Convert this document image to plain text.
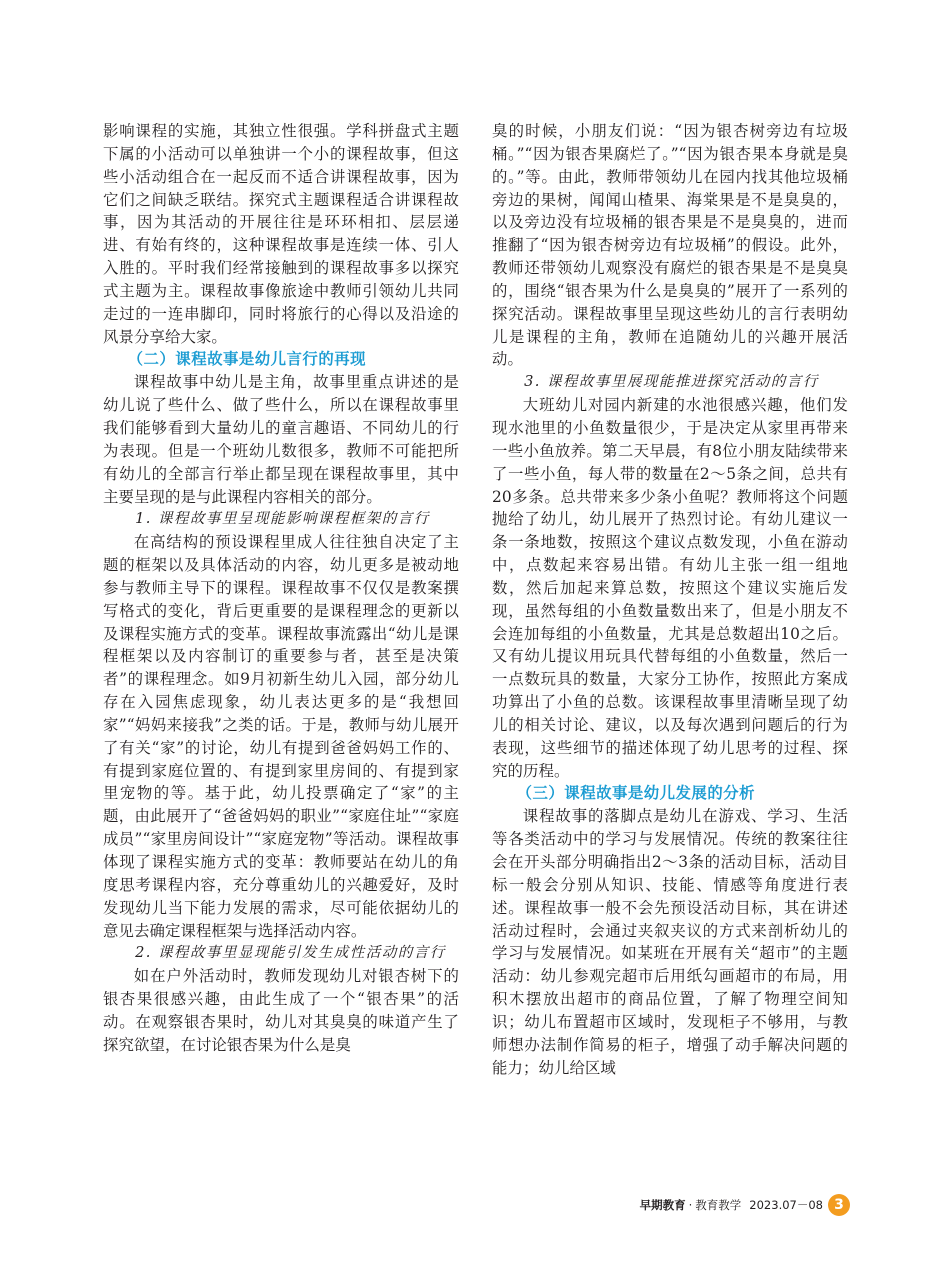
影响课程的实施，其独立性很强。学科拼盘式主题下属的小活动可以单独讲一个小的课程故事，但这些小活动组合在一起反而不适合讲课程故事，因为它们之间缺乏联结。探究式主题课程适合讲课程故事，因为其活动的开展往往是环环相扣、层层递进、有始有终的，这种课程故事是连续一体、引人入胜的。平时我们经常接触到的课程故事多以探究式主题为主。课程故事像旅途中教师引领幼儿共同走过的一连串脚印，同时将旅行的心得以及沿途的风景分享给大家。

（二）课程故事是幼儿言行的再现

课程故事中幼儿是主角，故事里重点讲述的是幼儿说了些什么、做了些什么，所以在课程故事里我们能够看到大量幼儿的童言趣语、不同幼儿的行为表现。但是一个班幼儿数很多，教师不可能把所有幼儿的全部言行举止都呈现在课程故事里，其中主要呈现的是与此课程内容相关的部分。

1. 课程故事里呈现能影响课程框架的言行

在高结构的预设课程里成人往往独自决定了主题的框架以及具体活动的内容，幼儿更多是被动地参与教师主导下的课程。课程故事不仅仅是教案撰写格式的变化，背后更重要的是课程理念的更新以及课程实施方式的变革。课程故事流露出“幼儿是课程框架以及内容制订的重要参与者，甚至是决策者”的课程理念。如9月初新生幼儿入园，部分幼儿存在入园焦虑现象，幼儿表达更多的是“我想回家”“妈妈来接我”之类的话。于是，教师与幼儿展开了有关“家”的讨论，幼儿有提到爸爸妈妈工作的、有提到家庭位置的、有提到家里房间的、有提到家里宠物的等。基于此，幼儿投票确定了“家”的主题，由此展开了“爸爸妈妈的职业”“家庭住址”“家庭成员”“家里房间设计”“家庭宠物”等活动。课程故事体现了课程实施方式的变革：教师要站在幼儿的角度思考课程内容，充分尊重幼儿的兴趣爱好，及时发现幼儿当下能力发展的需求，尽可能依据幼儿的意见去确定课程框架与选择活动内容。

2. 课程故事里显现能引发生成性活动的言行

如在户外活动时，教师发现幼儿对银杏树下的银杏果很感兴趣，由此生成了一个“银杏果”的活动。在观察银杏果时，幼儿对其臭臭的味道产生了探究欲望，在讨论银杏果为什么是臭

臭的时候，小朋友们说：“因为银杏树旁边有垃圾桶。”“因为银杏果腐烂了。”“因为银杏果本身就是臭的。”等。由此，教师带领幼儿在园内找其他垃圾桶旁边的果树，闻闻山楂果、海棠果是不是臭臭的，以及旁边没有垃圾桶的银杏果是不是臭臭的，进而推翻了“因为银杏树旁边有垃圾桶”的假设。此外，教师还带领幼儿观察没有腐烂的银杏果是不是臭臭的，围绕“银杏果为什么是臭臭的”展开了一系列的探究活动。课程故事里呈现这些幼儿的言行表明幼儿是课程的主角，教师在追随幼儿的兴趣开展活动。

3. 课程故事里展现能推进探究活动的言行

大班幼儿对园内新建的水池很感兴趣，他们发现水池里的小鱼数量很少，于是决定从家里再带来一些小鱼放养。第二天早晨，有8位小朋友陆续带来了一些小鱼，每人带的数量在2～5条之间，总共有20多条。总共带来多少条小鱼呢？教师将这个问题抛给了幼儿，幼儿展开了热烈讨论。有幼儿建议一条一条地数，按照这个建议点数发现，小鱼在游动中，点数起来容易出错。有幼儿主张一组一组地数，然后加起来算总数，按照这个建议实施后发现，虽然每组的小鱼数量数出来了，但是小朋友不会连加每组的小鱼数量，尤其是总数超出10之后。又有幼儿提议用玩具代替每组的小鱼数量，然后一一点数玩具的数量，大家分工协作，按照此方案成功算出了小鱼的总数。该课程故事里清晰呈现了幼儿的相关讨论、建议，以及每次遇到问题后的行为表现，这些细节的描述体现了幼儿思考的过程、探究的历程。

（三）课程故事是幼儿发展的分析

课程故事的落脚点是幼儿在游戏、学习、生活等各类活动中的学习与发展情况。传统的教案往往会在开头部分明确指出2～3条的活动目标，活动目标一般会分别从知识、技能、情感等角度进行表述。课程故事一般不会先预设活动目标，其在讲述活动过程时，会通过夹叙夹议的方式来剖析幼儿的学习与发展情况。如某班在开展有关“超市”的主题活动：幼儿参观完超市后用纸勾画超市的布局，用积木摆放出超市的商品位置，了解了物理空间知识；幼儿布置超市区域时，发现柜子不够用，与教师想办法制作简易的柜子，增强了动手解决问题的能力；幼儿给区域

早期教育 · 教育教学 2023.07－08 3
